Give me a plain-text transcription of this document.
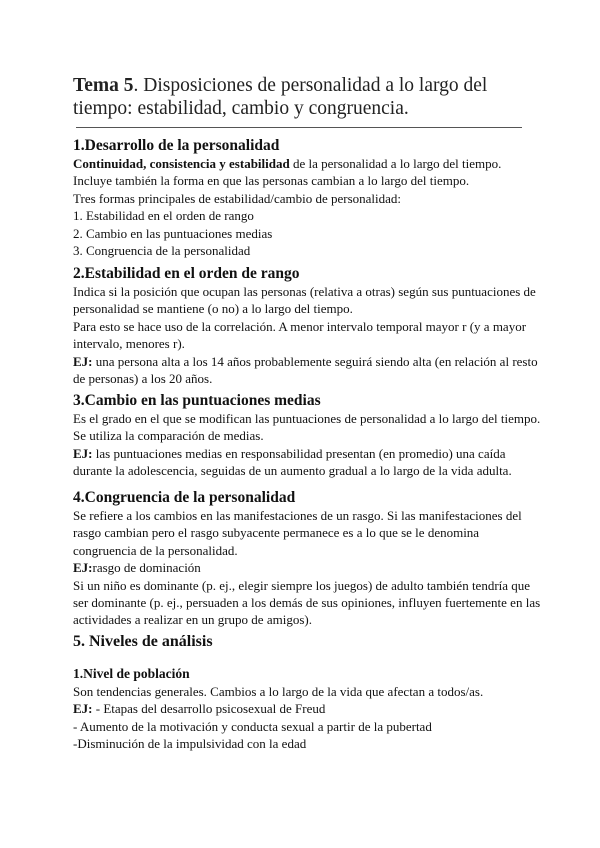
Tema 5. Disposiciones de personalidad a lo largo del tiempo: estabilidad, cambio y congruencia.

1.Desarrollo de la personalidad

Continuidad, consistencia y estabilidad de la personalidad a lo largo del tiempo. Incluye también la forma en que las personas cambian a lo largo del tiempo.

Tres formas principales de estabilidad/cambio de personalidad:

1. Estabilidad en el orden de rango
2. Cambio en las puntuaciones medias
3. Congruencia de la personalidad

2.Estabilidad en el orden de rango

Indica si la posición que ocupan las personas (relativa a otras) según sus puntuaciones de personalidad se mantiene (o no) a lo largo del tiempo.

Para esto se hace uso de la correlación. A menor intervalo temporal mayor r (y a mayor intervalo, menores r).

EJ: una persona alta a los 14 años probablemente seguirá siendo alta (en relación al resto de personas) a los 20 años.

3.Cambio en las puntuaciones medias

Es el grado en el que se modifican las puntuaciones de personalidad a lo largo del tiempo. Se utiliza la comparación de medias.

EJ: las puntuaciones medias en responsabilidad presentan (en promedio) una caída durante la adolescencia, seguidas de un aumento gradual a lo largo de la vida adulta.

4.Congruencia de la personalidad

Se refiere a los cambios en las manifestaciones de un rasgo. Si las manifestaciones del rasgo cambian pero el rasgo subyacente permanece es a lo que se le denomina congruencia de la personalidad.

EJ:rasgo de dominación

Si un niño es dominante (p. ej., elegir siempre los juegos) de adulto también tendría que ser dominante (p. ej., persuaden a los demás de sus opiniones, influyen fuertemente en las actividades a realizar en un grupo de amigos).

5. Niveles de análisis

1.Nivel de población

Son tendencias generales. Cambios a lo largo de la vida que afectan a todos/as.

EJ: - Etapas del desarrollo psicosexual de Freud

- Aumento de la motivación y conducta sexual a partir de la pubertad

-Disminución de la impulsividad con la edad
